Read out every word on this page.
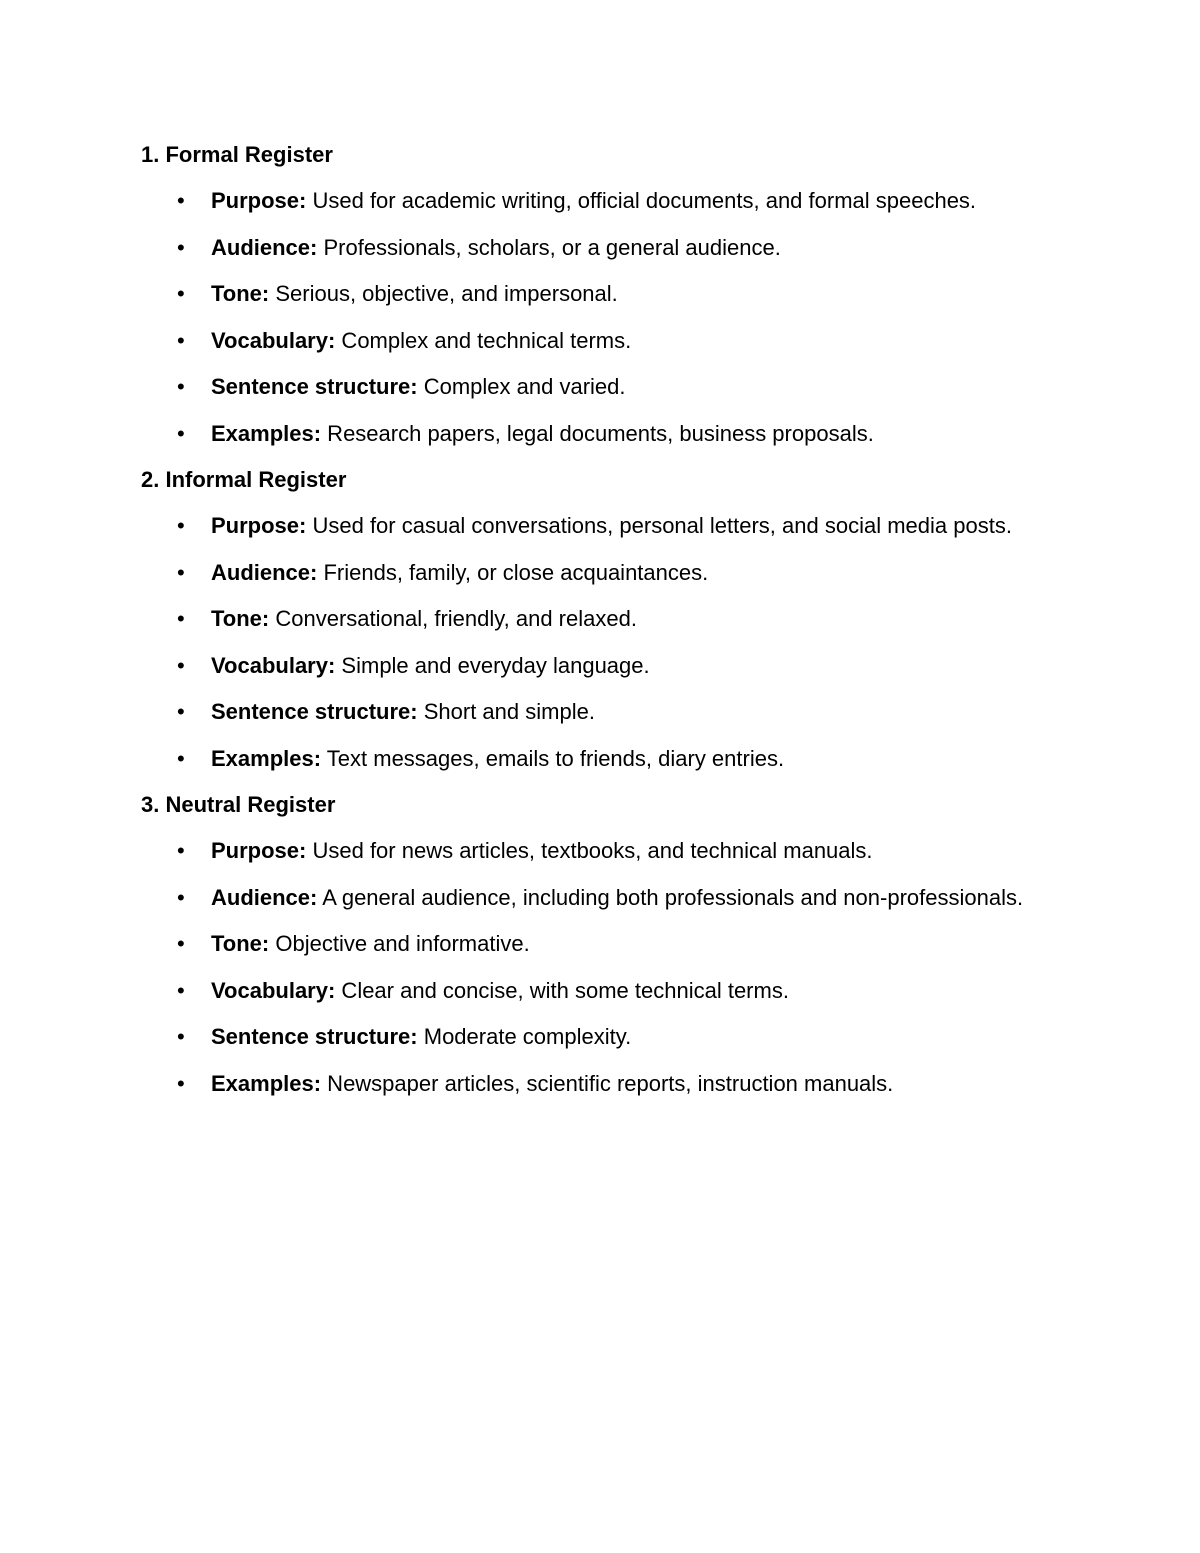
1. Formal Register
• Purpose: Used for academic writing, official documents, and formal speeches.
• Audience: Professionals, scholars, or a general audience.
• Tone: Serious, objective, and impersonal.
• Vocabulary: Complex and technical terms.
• Sentence structure: Complex and varied.
• Examples: Research papers, legal documents, business proposals.
2. Informal Register
• Purpose: Used for casual conversations, personal letters, and social media posts.
• Audience: Friends, family, or close acquaintances.
• Tone: Conversational, friendly, and relaxed.
• Vocabulary: Simple and everyday language.
• Sentence structure: Short and simple.
• Examples: Text messages, emails to friends, diary entries.
3. Neutral Register
• Purpose: Used for news articles, textbooks, and technical manuals.
• Audience: A general audience, including both professionals and non-professionals.
• Tone: Objective and informative.
• Vocabulary: Clear and concise, with some technical terms.
• Sentence structure: Moderate complexity.
• Examples: Newspaper articles, scientific reports, instruction manuals.
